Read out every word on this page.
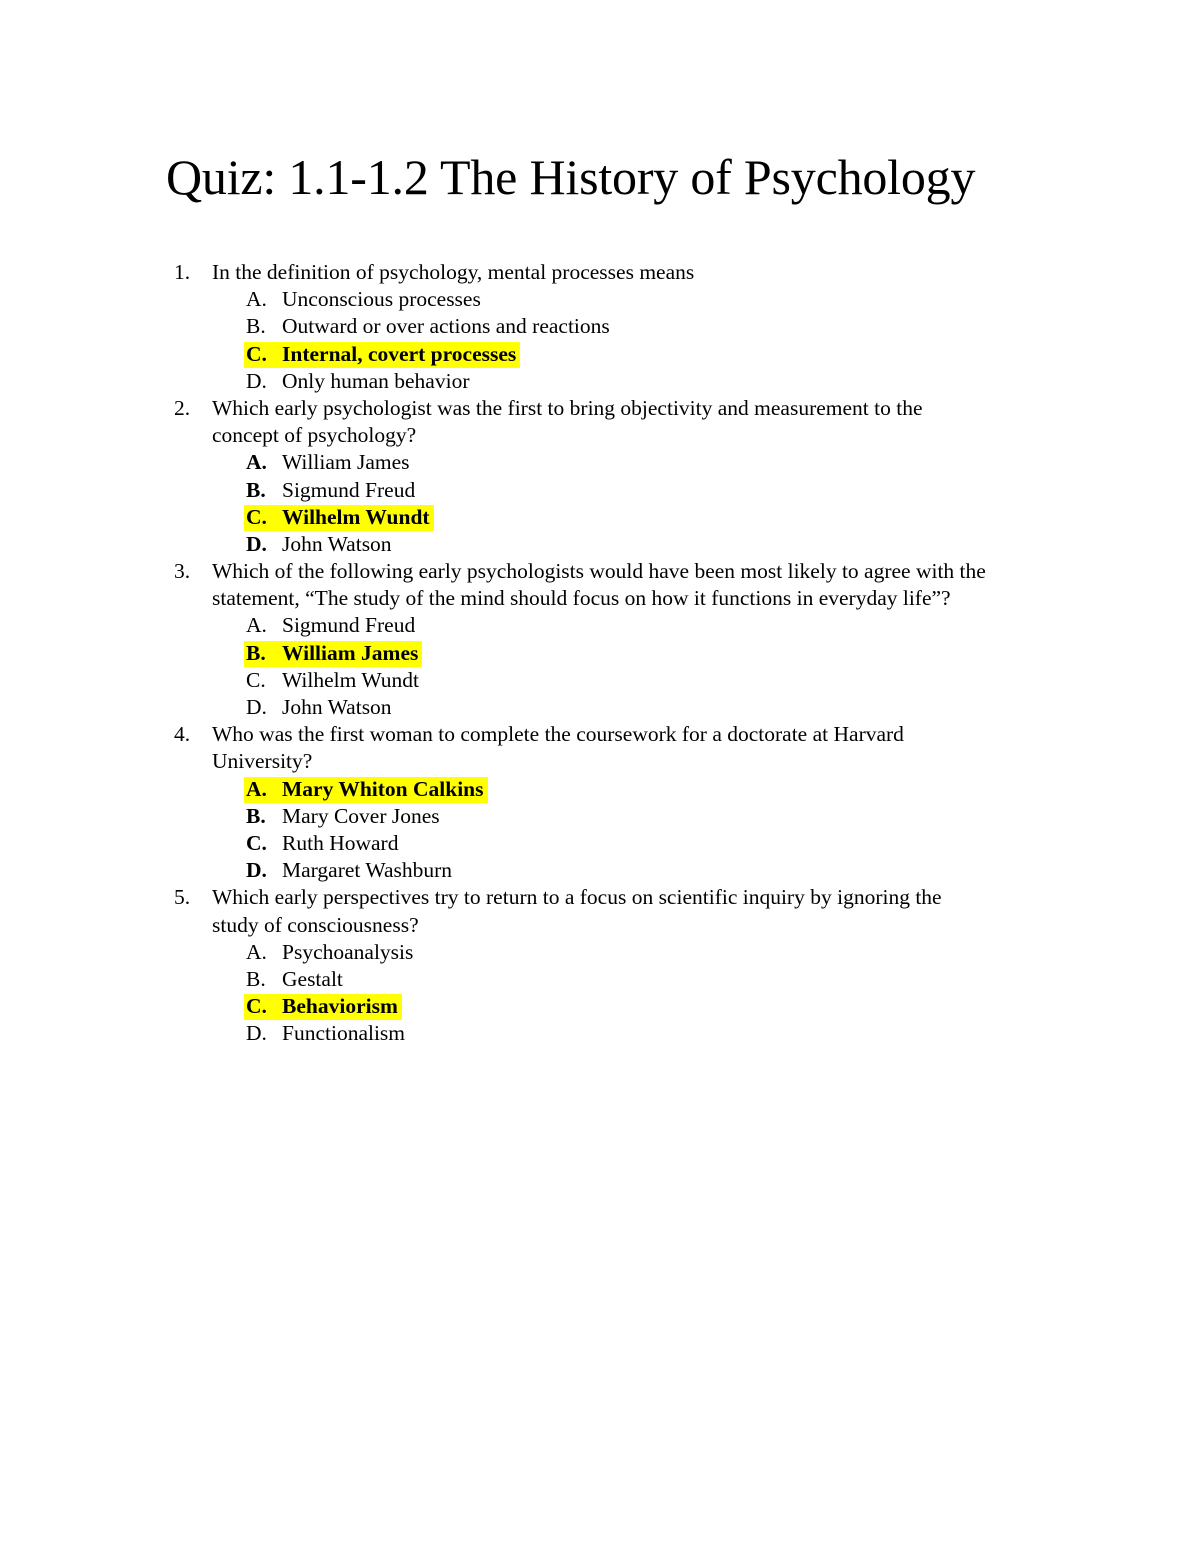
Quiz: 1.1-1.2 The History of Psychology
1. In the definition of psychology, mental processes means
A. Unconscious processes
B. Outward or over actions and reactions
C. Internal, covert processes
D. Only human behavior
2. Which early psychologist was the first to bring objectivity and measurement to the
concept of psychology?
A. William James
B. Sigmund Freud
C. Wilhelm Wundt
D. John Watson
3. Which of the following early psychologists would have been most likely to agree with the
statement, “The study of the mind should focus on how it functions in everyday life”?
A. Sigmund Freud
B. William James
C. Wilhelm Wundt
D. John Watson
4. Who was the first woman to complete the coursework for a doctorate at Harvard
University?
A. Mary Whiton Calkins
B. Mary Cover Jones
C. Ruth Howard
D. Margaret Washburn
5. Which early perspectives try to return to a focus on scientific inquiry by ignoring the
study of consciousness?
A. Psychoanalysis
B. Gestalt
C. Behaviorism
D. Functionalism
